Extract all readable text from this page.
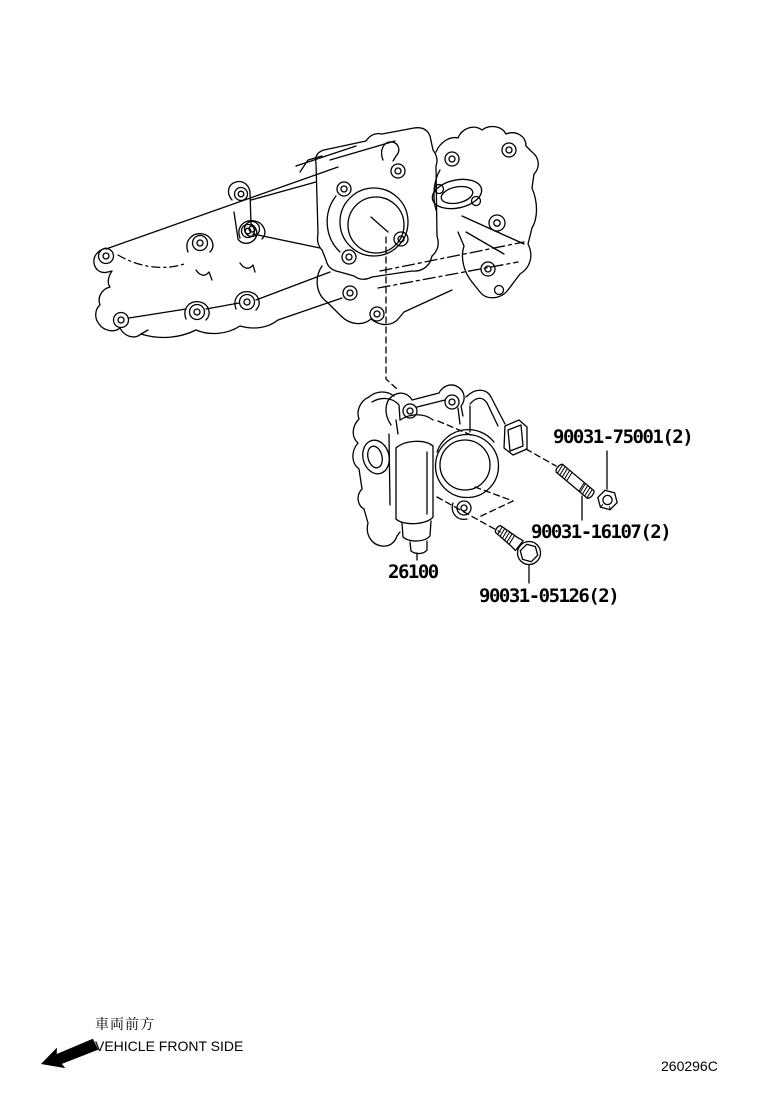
90031-75001(2)
90031-16107(2)
26100
90031-05126(2)
車両前方
VEHICLE FRONT SIDE
260296C
